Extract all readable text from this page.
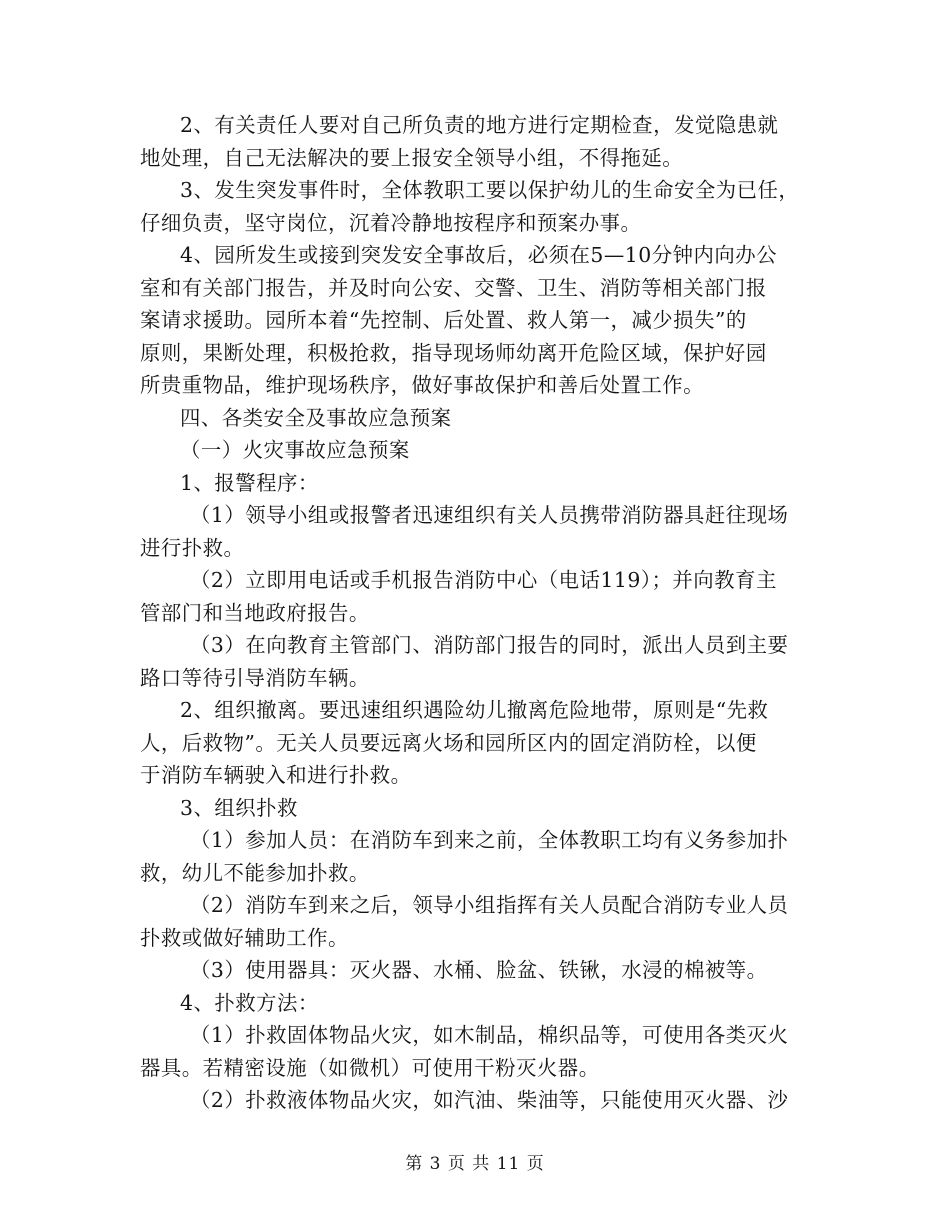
2、有关责任人要对自己所负责的地方进行定期检查，发觉隐患就
地处理，自己无法解决的要上报安全领导小组，不得拖延。
3、发生突发事件时，全体教职工要以保护幼儿的生命安全为已任，
仔细负责，坚守岗位，沉着冷静地按程序和预案办事。
4、园所发生或接到突发安全事故后，必须在5—10分钟内向办公
室和有关部门报告，并及时向公安、交警、卫生、消防等相关部门报
案请求援助。园所本着“先控制、后处置、救人第一，减少损失”的
原则，果断处理，积极抢救，指导现场师幼离开危险区域，保护好园
所贵重物品，维护现场秩序，做好事故保护和善后处置工作。
四、各类安全及事故应急预案
（一）火灾事故应急预案
1、报警程序：
（1）领导小组或报警者迅速组织有关人员携带消防器具赶往现场
进行扑救。
（2）立即用电话或手机报告消防中心（电话119）；并向教育主
管部门和当地政府报告。
（3）在向教育主管部门、消防部门报告的同时，派出人员到主要
路口等待引导消防车辆。
2、组织撤离。要迅速组织遇险幼儿撤离危险地带，原则是“先救
人，后救物”。无关人员要远离火场和园所区内的固定消防栓，以便
于消防车辆驶入和进行扑救。
3、组织扑救
（1）参加人员：在消防车到来之前，全体教职工均有义务参加扑
救，幼儿不能参加扑救。
（2）消防车到来之后，领导小组指挥有关人员配合消防专业人员
扑救或做好辅助工作。
（3）使用器具：灭火器、水桶、脸盆、铁锹，水浸的棉被等。
4、扑救方法：
（1）扑救固体物品火灾，如木制品，棉织品等，可使用各类灭火
器具。若精密设施（如微机）可使用干粉灭火器。
（2）扑救液体物品火灾，如汽油、柴油等，只能使用灭火器、沙
第 3 页 共 11 页
